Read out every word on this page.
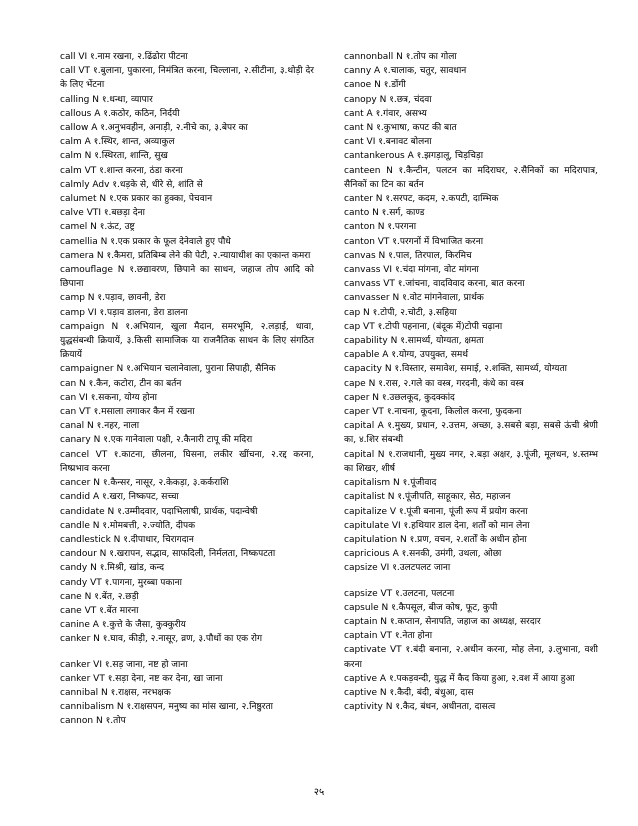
call VI १.नाम रखना, २.ढिंढोरा पीटना
call VT १.बुलाना, पुकारना, निमंत्रित करना, चिल्लाना, २.सीटीना, ३.थोड़ी देर के लिए भेंटना
calling N १.धन्धा, व्यापार
callous A १.कठोर, कठिन, निर्दयी
callow A १.अनुभवहीन, अनाड़ी, २.नीचे का, ३.बेपर का
calm A १.स्थिर, शान्त, अव्याकुल
calm N १.स्थिरता, शान्ति, सुख
calm VT १.शान्त करना, ठंडा करना
calmly Adv १.धड़के से, धीरे से, शांति से
calumet N १.एक प्रकार का हुक्का, पेचवान
calve VTI १.बछड़ा देना
camel N १.ऊंट, उष्ट्र
camellia N १.एक प्रकार के फूल देनेवाले हुए पौधे
camera N १.कैमरा, प्रतिबिम्ब लेने की पेटी, २.न्यायाधीश का एकान्त कमरा
camouflage N १.छद्यावरण, छिपाने का साधन, जहाज तोप आदि को छिपाना
camp N १.पड़ाव, छावनी, डेरा
camp VI १.पड़ाव डालना, डेरा डालना
campaign N १.अभियान, खुला मैदान, समरभूमि, २.लड़ाई, धावा, युद्धसंबन्धी क्रियायें, ३.किसी सामाजिक या राजनैतिक साधन के लिए संगठित क्रियायें
campaigner N १.अभियान चलानेवाला, पुराना सिपाही, सैनिक
can N १.कैन, कटोरा, टीन का बर्तन
can VI १.सकना, योग्य होना
can VT १.मसाला लगाकर कैन में रखना
canal N १.नहर, नाला
canary N १.एक गानेवाला पक्षी, २.कैनारी टापू की मदिरा
cancel VT १.काटना, छीलना, घिसना, लकीर खींचना, २.रद्द करना, निष्प्रभाव करना
cancer N १.कैन्सर, नासूर, २.केकड़ा, ३.कर्कराशि
candid A १.खरा, निष्कपट, सच्चा
candidate N १.उम्मीदवार, पदाभिलाषी, प्रार्थक, पदान्वेषी
candle N १.मोमबत्ती, २.ज्योति, दीपक
candlestick N १.दीपाधार, चिरागदान
candour N १.खरापन, सद्भाव, साफदिली, निर्मलता, निष्कपटता
candy N १.मिश्री, खांड, कन्द
candy VT १.पागना, मुरब्बा पकाना
cane N १.बेंत, २.छड़ी
cane VT १.बेंत मारना
canine A १.कुत्ते के जैसा, कुक्कुरीय
canker N १.घाव, कीड़ी, २.नासूर, व्रण, ३.पौधों का एक रोग
canker VI १.सड़ जाना, नष्ट हो जाना
canker VT १.सड़ा देना, नष्ट कर देना, खा जाना
cannibal N १.राक्षस, नरभक्षक
cannibalism N १.राक्षसपन, मनुष्य का मांस खाना, २.निष्ठुरता
cannon N १.तोप
cannonball N १.तोप का गोला
canny A १.चालाक, चतुर, सावधान
canoe N १.डोंगी
canopy N १.छत्र, चंदवा
cant A १.गंवार, असभ्य
cant N १.कुभाषा, कपट की बात
cant VI १.बनावट बोलना
cantankerous A १.झगड़ालू, चिड़चिड़ा
canteen N १.कैन्टीन, पलटन का मदिराघर, २.सैनिकों का मदिरापात्र, सैनिकों का टिन का बर्तन
canter N १.सरपट, कदम, २.कपटी, दाम्भिक
canto N १.सर्ग, काण्ड
canton N १.परगना
canton VT १.परगनों में विभाजित करना
canvas N १.पाल, तिरपाल, किरमिच
canvass VI १.चंदा मांगना, वोट मांगना
canvass VT १.जांचना, वादविवाद करना, बात करना
canvasser N १.वोट मांगनेवाला, प्रार्थक
cap N १.टोपी, २.चोटी, ३.सहिया
cap VT १.टोपी पहनाना, (बंदूक में)टोपी चढ़ाना
capability N १.सामर्थ्य, योग्यता, क्षमता
capable A १.योग्य, उपयुक्त, समर्थ
capacity N १.विस्तार, समावेश, समाई, २.शक्ति, सामर्थ्य, योग्यता
cape N १.रास, २.गले का वस्त्र, गरदनी, कंधे का वस्त्र
caper N १.उछलकूद, कुदक्कांद
caper VT १.नाचना, कूदना, किलोल करना, फुदकना
capital A १.मुख्य, प्रधान, २.उत्तम, अच्छा, ३.सबसे बड़ा, सबसे ऊंची श्रेणी का, ४.शिर संबन्धी
capital N १.राजधानी, मुख्य नगर, २.बड़ा अक्षर, ३.पूंजी, मूलधन, ४.स्तम्भ का शिखर, शीर्ष
capitalism N १.पूंजीवाद
capitalist N १.पूंजीपति, साहूकार, सेठ, महाजन
capitalize V १.पूंजी बनाना, पूंजी रूप में प्रयोग करना
capitulate VI १.हथियार डाल देना, शर्तों को मान लेना
capitulation N १.प्रण, वचन, २.शर्तों के अधीन होना
capricious A १.सनकी, उमंगी, उथला, ओछा
capsize VI १.उलटपलट जाना
capsize VT १.उलटना, पलटना
capsule N १.कैपसूल, बीज कोष, फूट, कुपी
captain N १.कप्तान, सेनापति, जहाज का अध्यक्ष, सरदार
captain VT १.नेता होना
captivate VT १.बंदी बनाना, २.अधीन करना, मोह लेना, ३.लुभाना, वशी करना
captive A १.पकड़वन्दी, युद्ध में कैद किया हुआ, २.वश में आया हुआ
captive N १.कैदी, बंदी, बंधुआ, दास
captivity N १.कैद, बंधन, अधीनता, दासत्व
२५
